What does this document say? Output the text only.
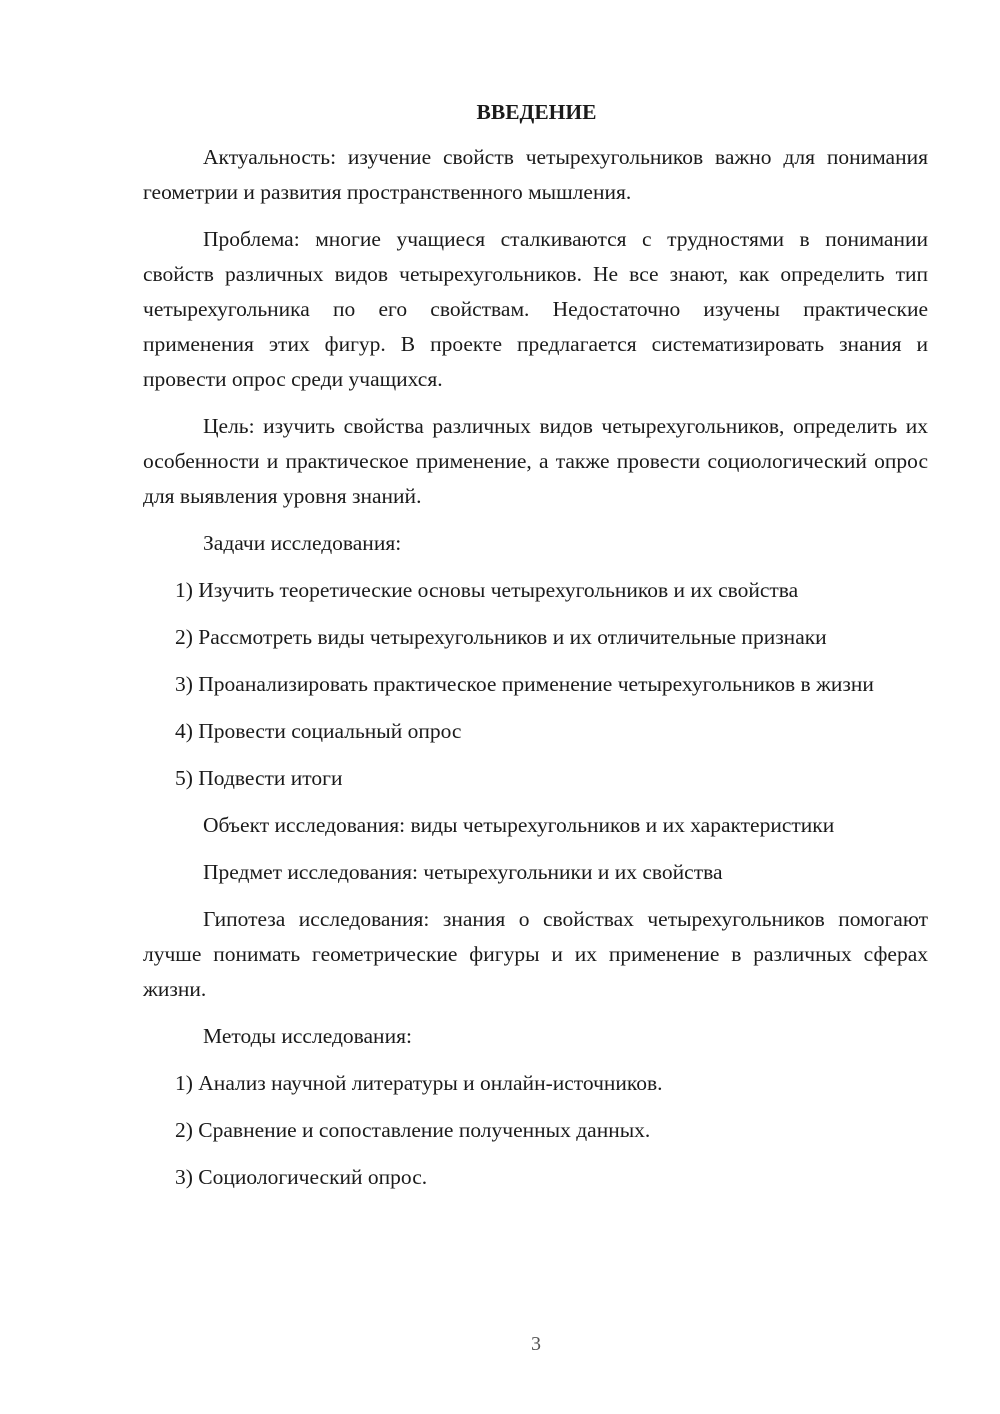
ВВЕДЕНИЕ

Актуальность: изучение свойств четырехугольников важно для понимания геометрии и развития пространственного мышления.

Проблема: многие учащиеся сталкиваются с трудностями в понимании свойств различных видов четырехугольников. Не все знают, как определить тип четырехугольника по его свойствам. Недостаточно изучены практические применения этих фигур. В проекте предлагается систематизировать знания и провести опрос среди учащихся.

Цель: изучить свойства различных видов четырехугольников, определить их особенности и практическое применение, а также провести социологический опрос для выявления уровня знаний.

Задачи исследования:

1) Изучить теоретические основы четырехугольников и их свойства

2) Рассмотреть виды четырехугольников и их отличительные признаки

3) Проанализировать практическое применение четырехугольников в жизни

4) Провести социальный опрос

5) Подвести итоги

Объект исследования: виды четырехугольников и их характеристики

Предмет исследования: четырехугольники и их свойства

Гипотеза исследования: знания о свойствах четырехугольников помогают лучше понимать геометрические фигуры и их применение в различных сферах жизни.

Методы исследования:

1) Анализ научной литературы и онлайн-источников.

2) Сравнение и сопоставление полученных данных.

3) Социологический опрос.

3
